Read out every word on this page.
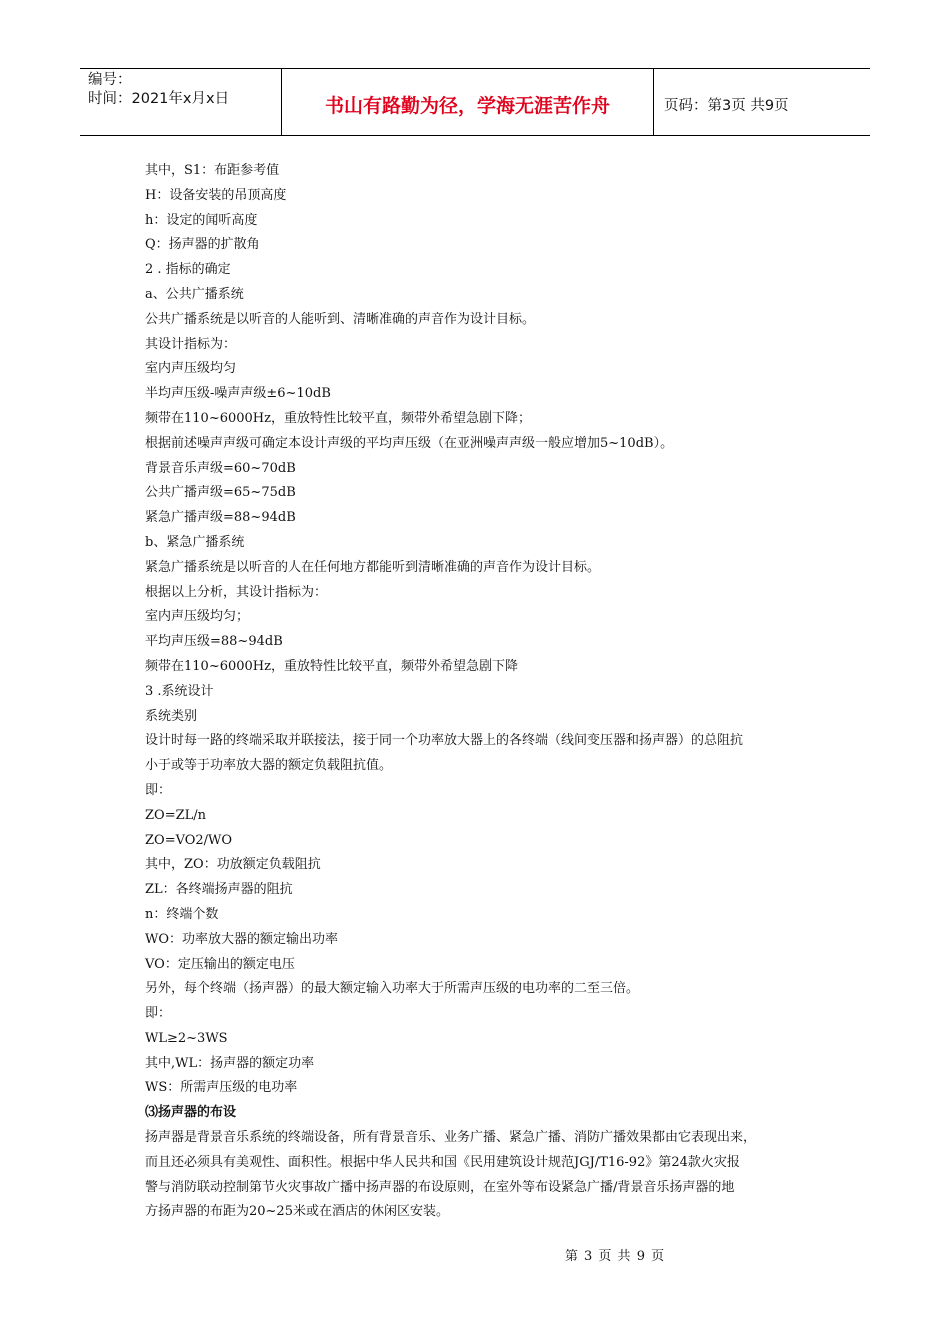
编号：
时间：2021年x月x日	书山有路勤为径，学海无涯苦作舟	页码：第3页 共9页
其中，S1：布距参考值
H：设备安装的吊顶高度
h：设定的闻听高度
Q：扬声器的扩散角
2 . 指标的确定
a、公共广播系统
公共广播系统是以听音的人能听到、清晰准确的声音作为设计目标。
其设计指标为：
室内声压级均匀
半均声压级-噪声声级±6~10dB
频带在110~6000Hz，重放特性比较平直，频带外希望急剧下降；
根据前述噪声声级可确定本设计声级的平均声压级（在亚洲噪声声级一般应增加5~10dB）。
背景音乐声级=60~70dB
公共广播声级=65~75dB
紧急广播声级=88~94dB
b、紧急广播系统
紧急广播系统是以听音的人在任何地方都能听到清晰准确的声音作为设计目标。
根据以上分析，其设计指标为：
室内声压级均匀；
平均声压级=88~94dB
频带在110~6000Hz，重放特性比较平直，频带外希望急剧下降
3 .系统设计
系统类别
设计时每一路的终端采取并联接法，接于同一个功率放大器上的各终端（线间变压器和扬声器）的总阻抗
小于或等于功率放大器的额定负载阻抗值。
即：
ZO=ZL/n
ZO=VO2/WO
其中，ZO：功放额定负载阻抗
ZL：各终端扬声器的阻抗
n：终端个数
WO：功率放大器的额定输出功率
VO：定压输出的额定电压
另外，每个终端（扬声器）的最大额定输入功率大于所需声压级的电功率的二至三倍。
即：
WL≥2~3WS
其中,WL：扬声器的额定功率
WS：所需声压级的电功率
⑶扬声器的布设
扬声器是背景音乐系统的终端设备，所有背景音乐、业务广播、紧急广播、消防广播效果都由它表现出来，
而且还必须具有美观性、面积性。根据中华人民共和国《民用建筑设计规范JGJ/T16-92》第24款火灾报
警与消防联动控制第节火灾事故广播中扬声器的布设原则，在室外等布设紧急广播/背景音乐扬声器的地
方扬声器的布距为20~25米或在酒店的休闲区安装。
第 3 页 共 9 页
